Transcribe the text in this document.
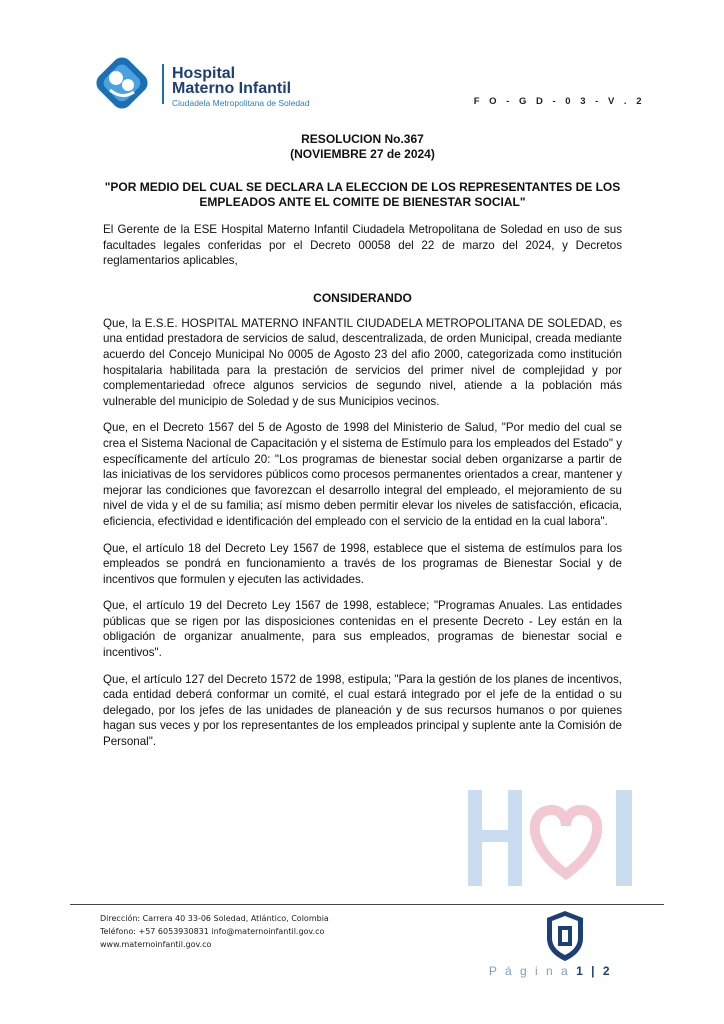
Hospital
Materno Infantil
Ciudadela Metropolitana de Soledad	F O - G D - 0 3 - V . 2
RESOLUCION No.367
(NOVIEMBRE 27 de 2024)
"POR MEDIO DEL CUAL SE DECLARA LA ELECCION DE LOS REPRESENTANTES DE LOS EMPLEADOS ANTE EL COMITE DE BIENESTAR SOCIAL"

El Gerente de la ESE Hospital Materno Infantil Ciudadela Metropolitana de Soledad en uso de sus facultades legales conferidas por el Decreto 00058 del 22 de marzo del 2024, y Decretos reglamentarios aplicables,

CONSIDERANDO

Que, la E.S.E. HOSPITAL MATERNO INFANTIL CIUDADELA METROPOLITANA DE SOLEDAD, es una entidad prestadora de servicios de salud, descentralizada, de orden Municipal, creada mediante acuerdo del Concejo Municipal No 0005 de Agosto 23 del afio 2000, categorizada como institución hospitalaria habilitada para la prestación de servicios del primer nivel de complejidad y por complementariedad ofrece algunos servicios de segundo nivel, atiende a la población más vulnerable del municipio de Soledad y de sus Municipios vecinos.

Que, en el Decreto 1567 del 5 de Agosto de 1998 del Ministerio de Salud, "Por medio del cual se crea el Sistema Nacional de Capacitación y el sistema de Estímulo para los empleados del Estado" y específicamente del artículo 20: "Los programas de bienestar social deben organizarse a partir de las iniciativas de los servidores públicos como procesos permanentes orientados a crear, mantener y mejorar las condiciones que favorezcan el desarrollo integral del empleado, el mejoramiento de su nivel de vida y el de su familia; así mismo deben permitir elevar los niveles de satisfacción, eficacia, eficiencia, efectividad e identificación del empleado con el servicio de la entidad en la cual labora".

Que, el artículo 18 del Decreto Ley 1567 de 1998, establece que el sistema de estímulos para los empleados se pondrá en funcionamiento a través de los programas de Bienestar Social y de incentivos que formulen y ejecuten las actividades.

Que, el artículo 19 del Decreto Ley 1567 de 1998, establece; "Programas Anuales. Las entidades públicas que se rigen por las disposiciones contenidas en el presente Decreto - Ley están en la obligación de organizar anualmente, para sus empleados, programas de bienestar social e incentivos".

Que, el artículo 127 del Decreto 1572 de 1998, estipula; "Para la gestión de los planes de incentivos, cada entidad deberá conformar un comité, el cual estará integrado por el jefe de la entidad o su delegado, por los jefes de las unidades de planeación y de sus recursos humanos o por quienes hagan sus veces y por los representantes de los empleados principal y suplente ante la Comisión de Personal".

Dirección: Carrera 40 33-06 Soledad, Atlántico, Colombia
Teléfono: +57 6053930831 info@maternoinfantil.gov.co
www.maternoinfantil.gov.co
P á g i n a 1 | 2
